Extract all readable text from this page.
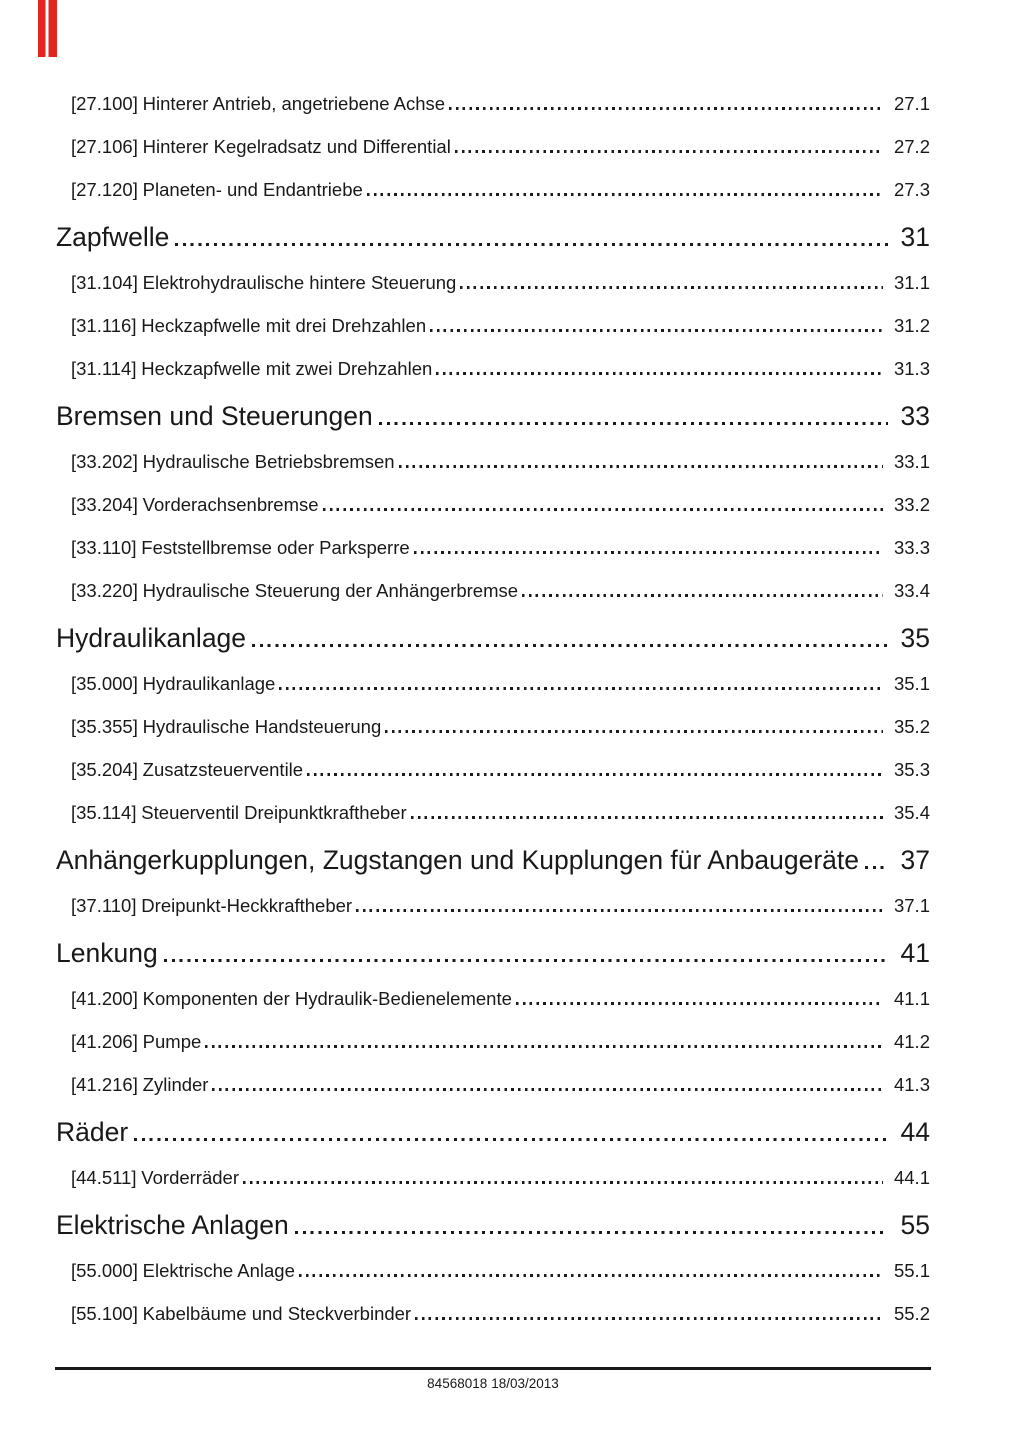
[27.100] Hinterer Antrieb, angetriebene Achse	27.1
[27.106] Hinterer Kegelradsatz und Differential	27.2
[27.120] Planeten- und Endantriebe	27.3
Zapfwelle	31
[31.104] Elektrohydraulische hintere Steuerung	31.1
[31.116] Heckzapfwelle mit drei Drehzahlen	31.2
[31.114] Heckzapfwelle mit zwei Drehzahlen	31.3
Bremsen und Steuerungen	33
[33.202] Hydraulische Betriebsbremsen	33.1
[33.204] Vorderachsenbremse	33.2
[33.110] Feststellbremse oder Parksperre	33.3
[33.220] Hydraulische Steuerung der Anhängerbremse	33.4
Hydraulikanlage	35
[35.000] Hydraulikanlage	35.1
[35.355] Hydraulische Handsteuerung	35.2
[35.204] Zusatzsteuerventile	35.3
[35.114] Steuerventil Dreipunktkraftheber	35.4
Anhängerkupplungen, Zugstangen und Kupplungen für Anbaugeräte 37
[37.110] Dreipunkt-Heckkraftheber	37.1
Lenkung	41
[41.200] Komponenten der Hydraulik-Bedienelemente	41.1
[41.206] Pumpe	41.2
[41.216] Zylinder	41.3
Räder	44
[44.511] Vorderräder	44.1
Elektrische Anlagen	55
[55.000] Elektrische Anlage	55.1
[55.100] Kabelbäume und Steckverbinder	55.2
84568018 18/03/2013
